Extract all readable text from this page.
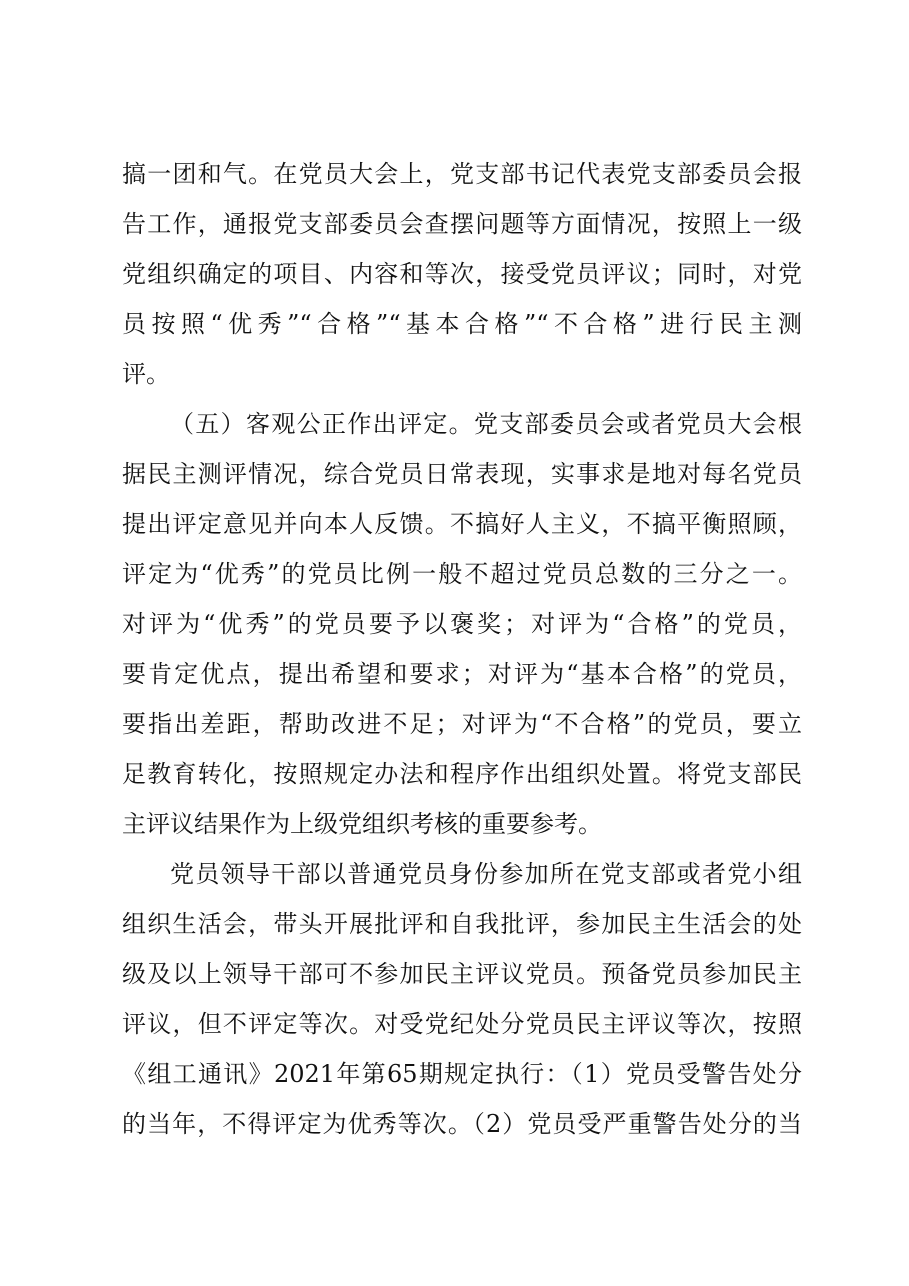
搞一团和气。在党员大会上，党支部书记代表党支部委员会报
告工作，通报党支部委员会查摆问题等方面情况，按照上一级
党组织确定的项目、内容和等次，接受党员评议；同时，对党
员按照“优秀”“合格”“基本合格”“不合格”进行民主测
评。
（五）客观公正作出评定。党支部委员会或者党员大会根
据民主测评情况，综合党员日常表现，实事求是地对每名党员
提出评定意见并向本人反馈。不搞好人主义，不搞平衡照顾，
评定为“优秀”的党员比例一般不超过党员总数的三分之一。
对评为“优秀”的党员要予以褒奖；对评为“合格”的党员，
要肯定优点，提出希望和要求；对评为“基本合格”的党员，
要指出差距，帮助改进不足；对评为“不合格”的党员，要立
足教育转化，按照规定办法和程序作出组织处置。将党支部民
主评议结果作为上级党组织考核的重要参考。
党员领导干部以普通党员身份参加所在党支部或者党小组
组织生活会，带头开展批评和自我批评，参加民主生活会的处
级及以上领导干部可不参加民主评议党员。预备党员参加民主
评议，但不评定等次。对受党纪处分党员民主评议等次，按照
《组工通讯》2021年第65期规定执行：（1）党员受警告处分
的当年，不得评定为优秀等次。（2）党员受严重警告处分的当
